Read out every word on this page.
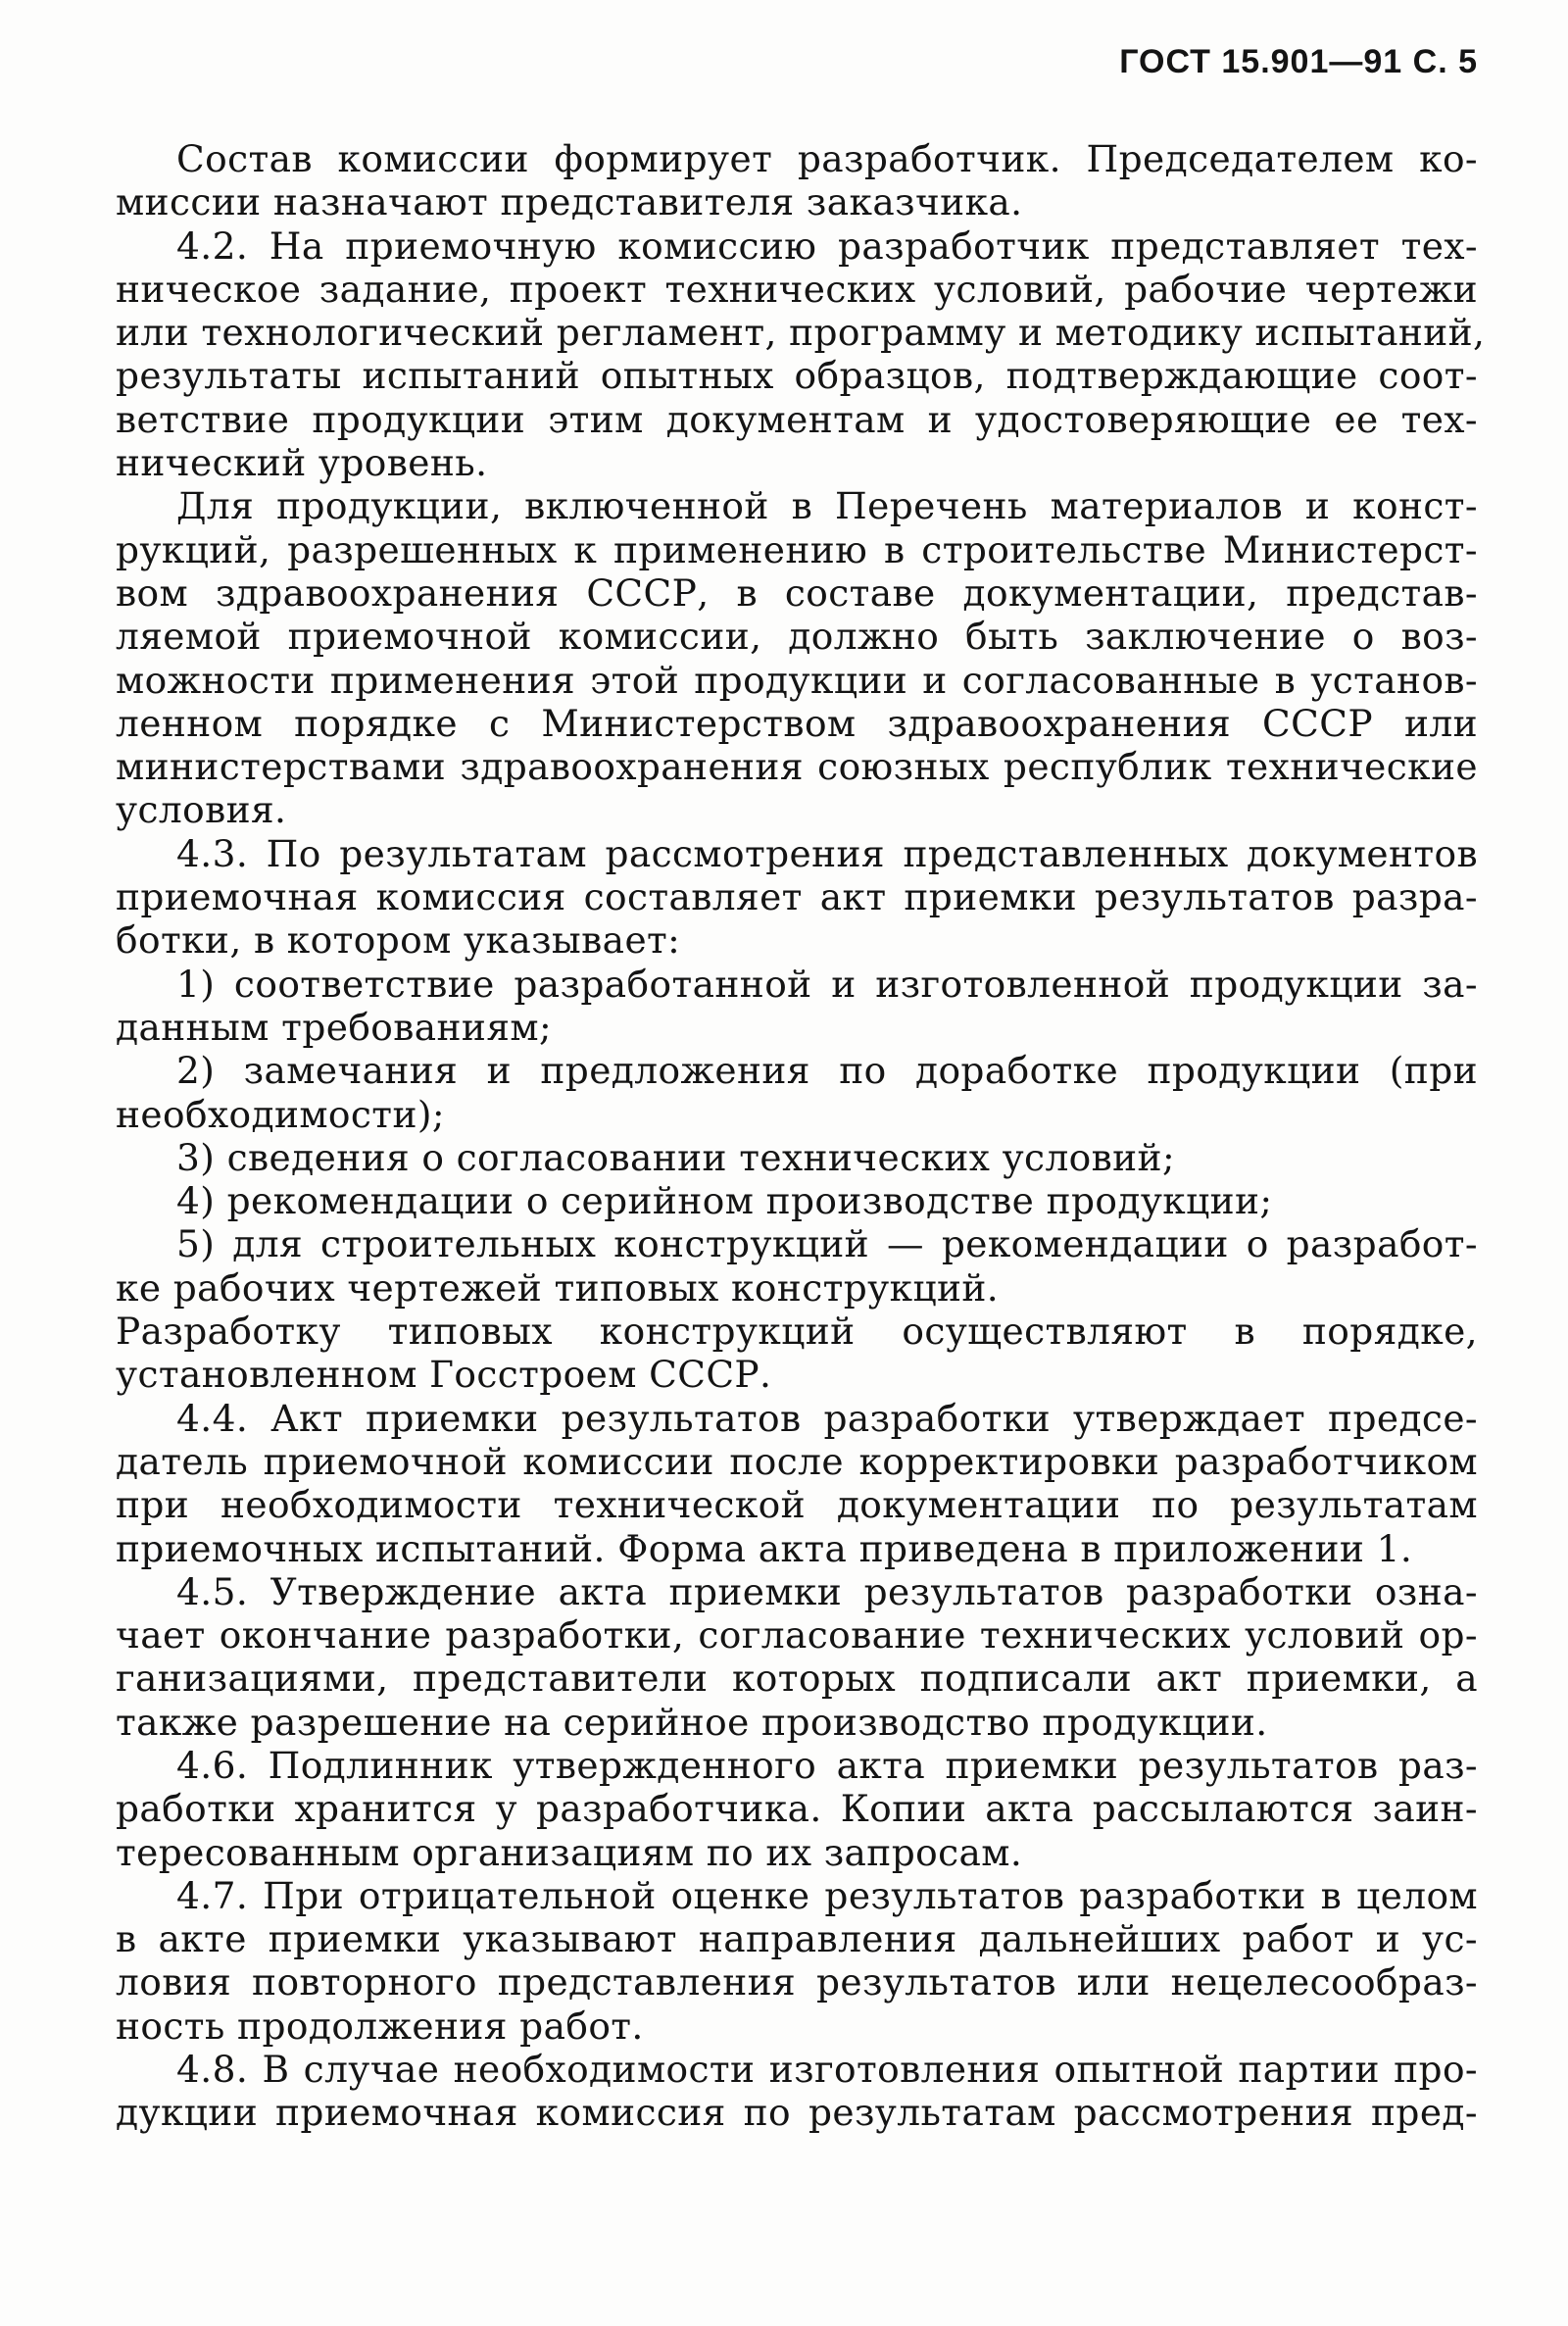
ГОСТ 15.901—91 С. 5
Состав комиссии формирует разработчик. Председателем ко-
миссии назначают представителя заказчика.
4.2. На приемочную комиссию разработчик представляет тех-
ническое задание, проект технических условий, рабочие чертежи
или технологический регламент, программу и методику испытаний,
результаты испытаний опытных образцов, подтверждающие соот-
ветствие продукции этим документам и удостоверяющие ее тех-
нический уровень.
Для продукции, включенной в Перечень материалов и конст-
рукций, разрешенных к применению в строительстве Министерст-
вом здравоохранения СССР, в составе документации, представ-
ляемой приемочной комиссии, должно быть заключение о воз-
можности применения этой продукции и согласованные в установ-
ленном порядке с Министерством здравоохранения СССР или
министерствами здравоохранения союзных республик технические
условия.
4.3. По результатам рассмотрения представленных документов
приемочная комиссия составляет акт приемки результатов разра-
ботки, в котором указывает:
1) соответствие разработанной и изготовленной продукции за-
данным требованиям;
2) замечания и предложения по доработке продукции (при
необходимости);
3) сведения о согласовании технических условий;
4) рекомендации о серийном производстве продукции;
5) для строительных конструкций — рекомендации о разработ-
ке рабочих чертежей типовых конструкций.
Разработку типовых конструкций осуществляют в порядке,
установленном Госстроем СССР.
4.4. Акт приемки результатов разработки утверждает предсе-
датель приемочной комиссии после корректировки разработчиком
при необходимости технической документации по результатам
приемочных испытаний. Форма акта приведена в приложении 1.
4.5. Утверждение акта приемки результатов разработки озна-
чает окончание разработки, согласование технических условий ор-
ганизациями, представители которых подписали акт приемки, а
также разрешение на серийное производство продукции.
4.6. Подлинник утвержденного акта приемки результатов раз-
работки хранится у разработчика. Копии акта рассылаются заин-
тересованным организациям по их запросам.
4.7. При отрицательной оценке результатов разработки в целом
в акте приемки указывают направления дальнейших работ и ус-
ловия повторного представления результатов или нецелесообраз-
ность продолжения работ.
4.8. В случае необходимости изготовления опытной партии про-
дукции приемочная комиссия по результатам рассмотрения пред-
